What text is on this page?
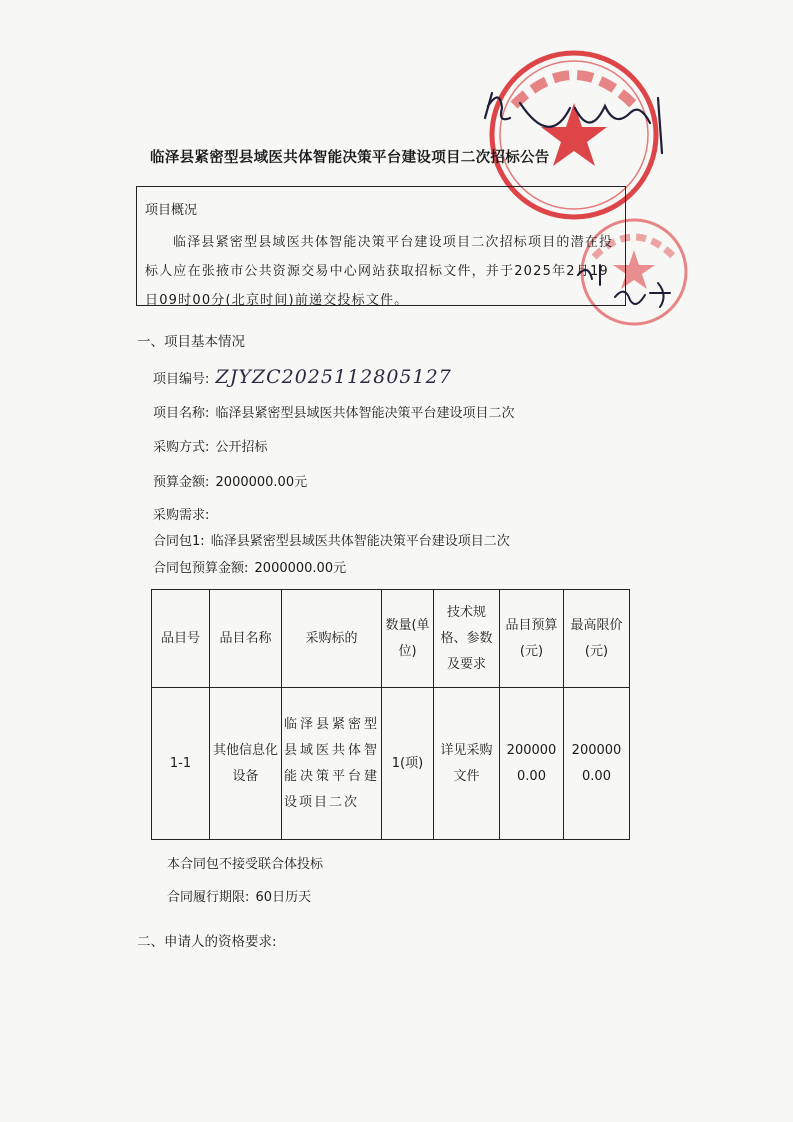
临泽县紧密型县域医共体智能决策平台建设项目二次招标公告
项目概况
临泽县紧密型县域医共体智能决策平台建设项目二次招标项目的潜在投标人应在张掖市公共资源交易中心网站获取招标文件，并于2025年2月19日09时00分(北京时间)前递交投标文件。
一、项目基本情况
项目编号: ZJYZC2025112805127
项目名称: 临泽县紧密型县域医共体智能决策平台建设项目二次
采购方式: 公开招标
预算金额: 2000000.00元
采购需求:
合同包1: 临泽县紧密型县域医共体智能决策平台建设项目二次
合同包预算金额: 2000000.00元
品目号	品目名称	采购标的	数量(单位)	技术规格、参数及要求	品目预算(元)	最高限价(元)
1-1	其他信息化设备	临泽县紧密型县域医共体智能决策平台建设项目二次	1(项)	详见采购文件	2000000.00	2000000.00
本合同包不接受联合体投标
合同履行期限: 60日历天
二、申请人的资格要求:
